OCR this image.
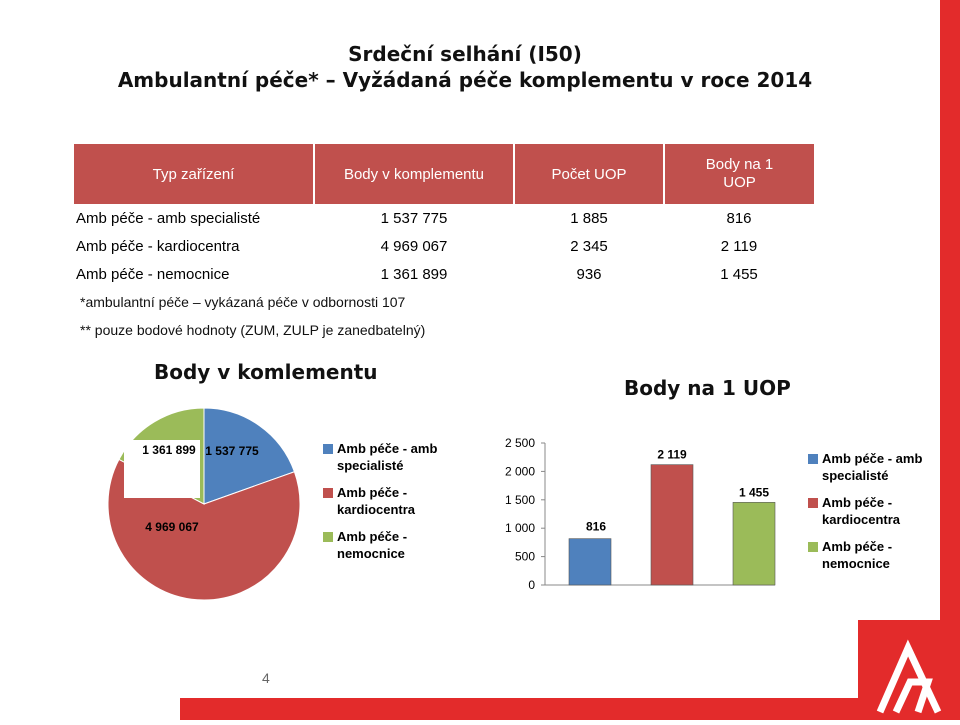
Srdeční selhání (I50)
Ambulantní péče* – Vyžádaná péče komplementu v roce 2014
Typ zařízení	Body v komplementu	Počet UOP	Body na 1 UOP
Amb péče - amb specialisté	1 537 775	1 885	816
Amb péče - kardiocentra	4 969 067	2 345	2 119
Amb péče - nemocnice	1 361 899	936	1 455
*ambulantní péče – vykázaná péče v odbornosti 107
** pouze bodové hodnoty (ZUM, ZULP je zanedbatelný)
Body v komlementu
Body na 1 UOP
1 537 775
4 969 067
1 361 899
0
500
1 000
1 500
2 000
2 500
816
2 119
1 455
Amb péče - amb specialisté
Amb péče - kardiocentra
Amb péče - nemocnice
Amb péče - amb specialisté
Amb péče - kardiocentra
Amb péče - nemocnice
4
